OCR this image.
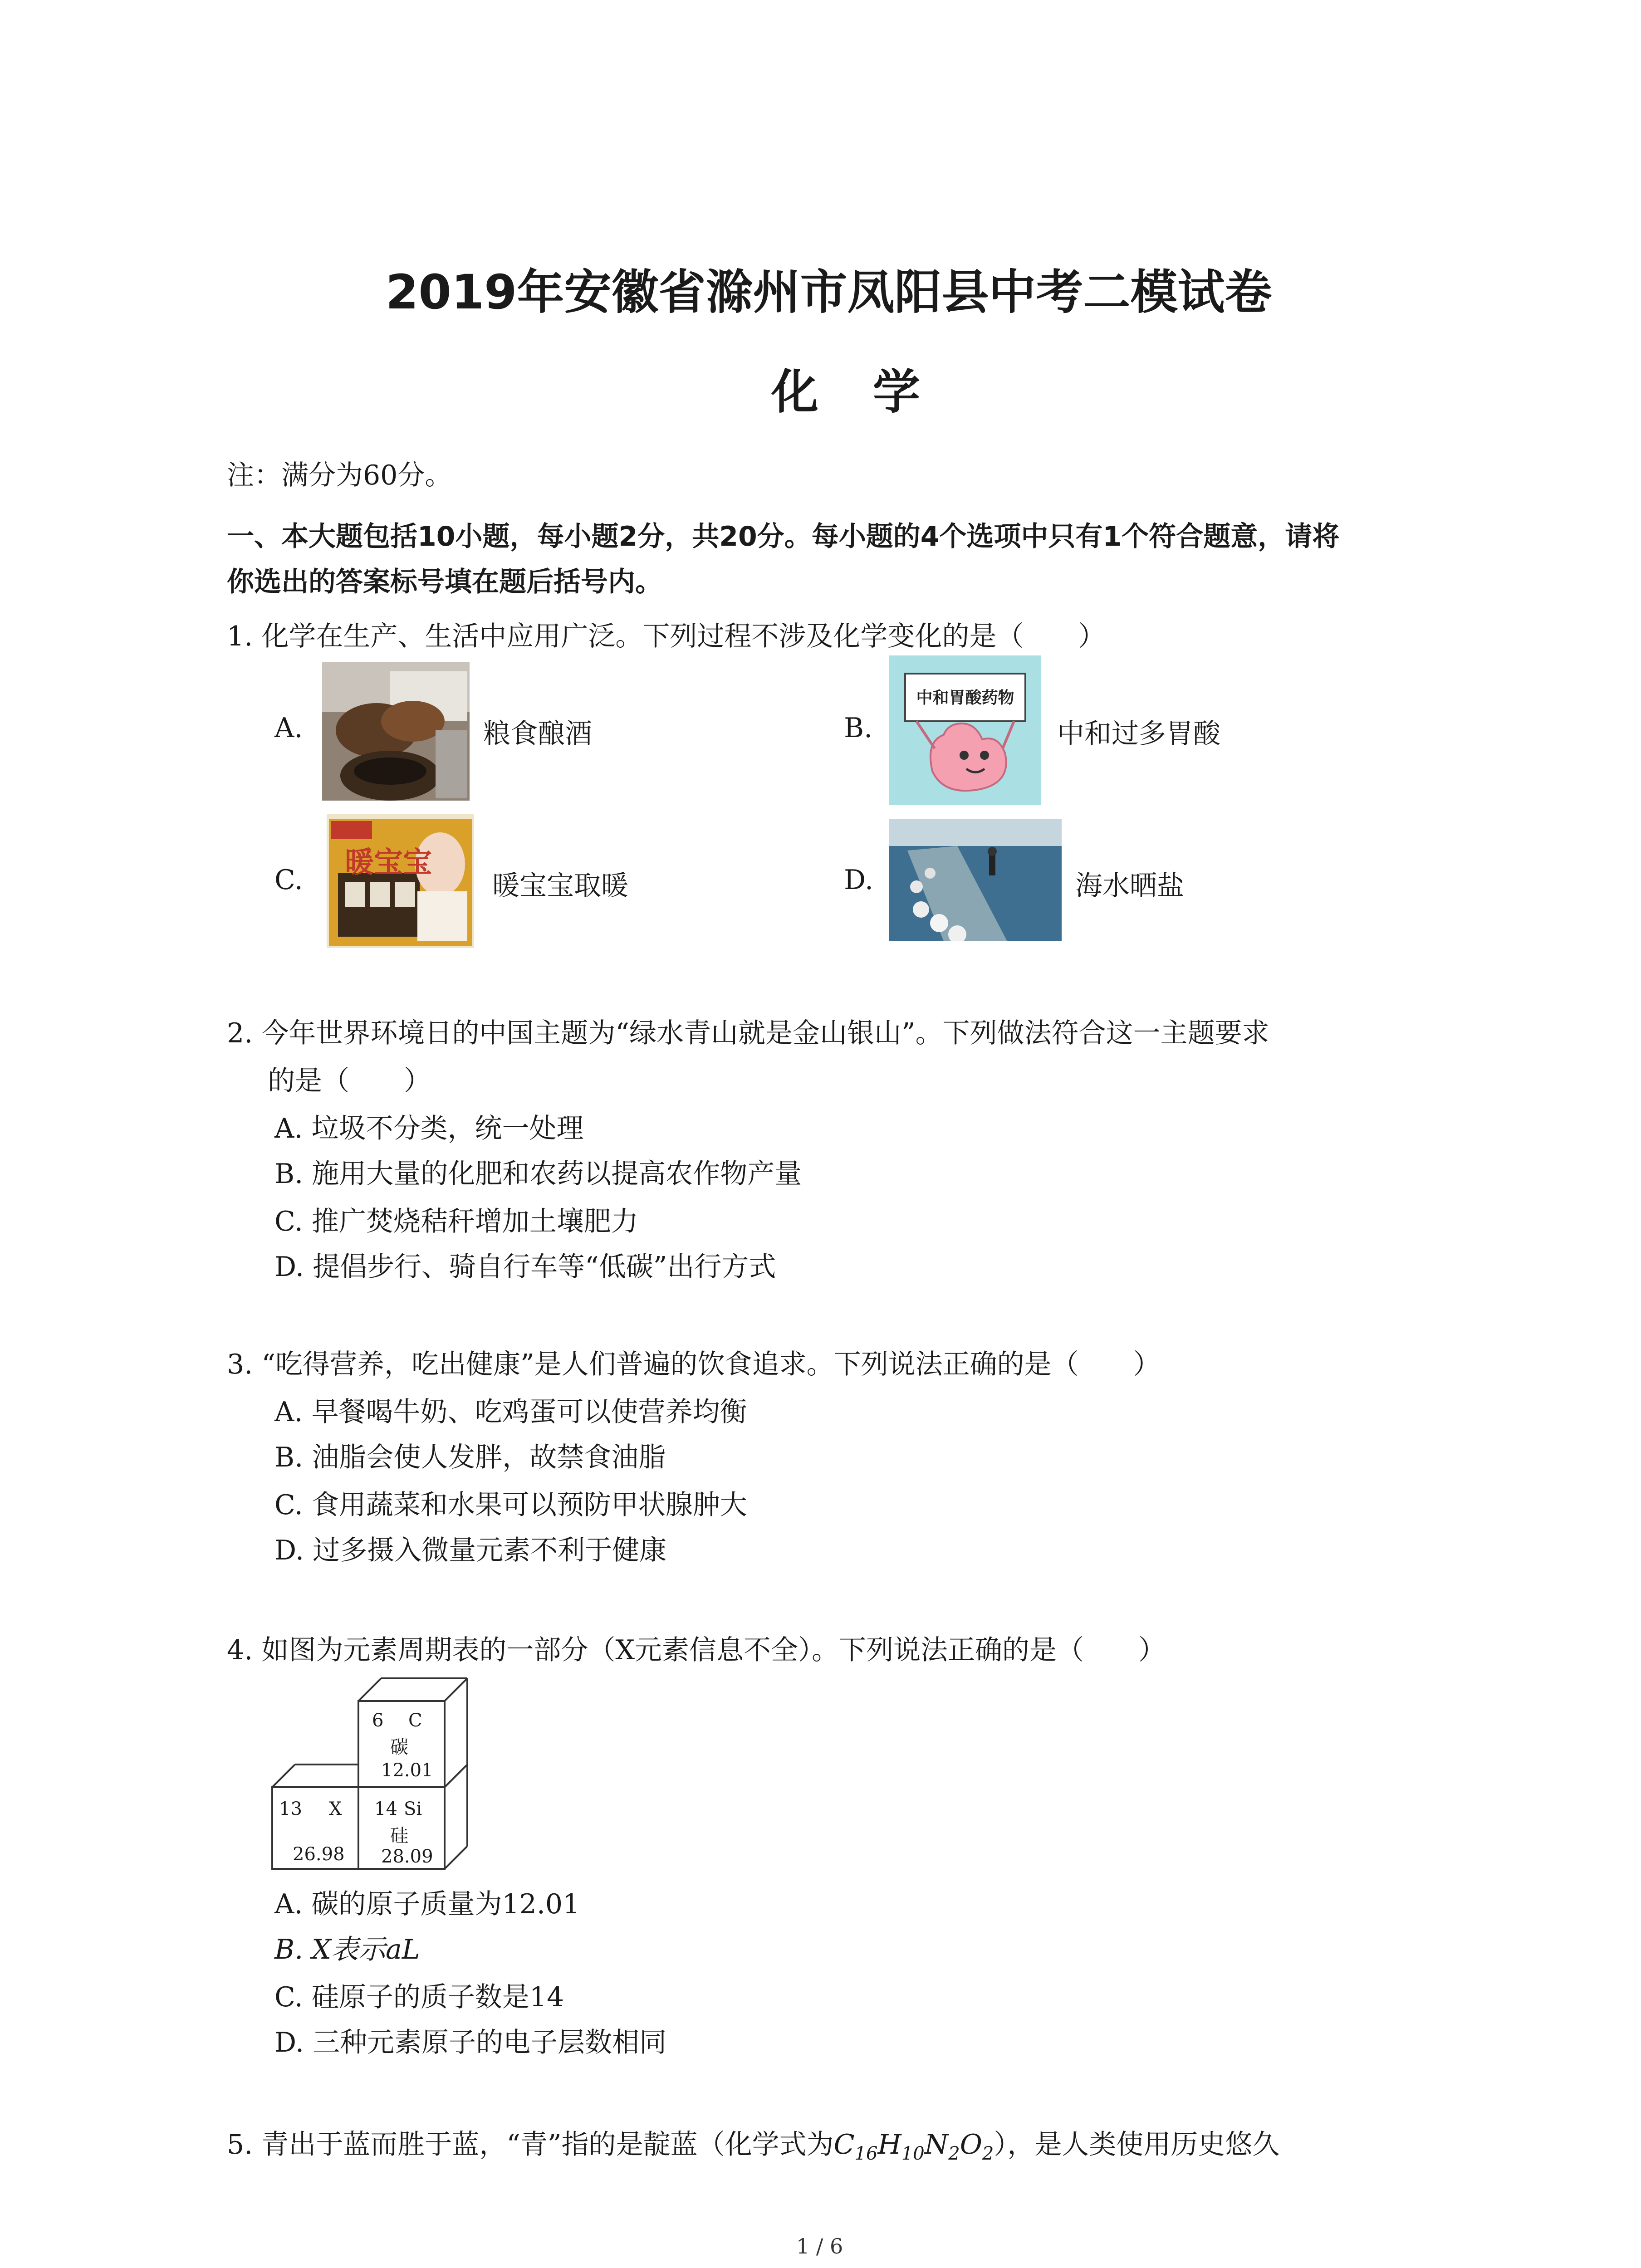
2019年安徽省滁州市凤阳县中考二模试卷
化学
注：满分为60分。
一、本大题包括10小题，每小题2分，共20分。每小题的4个选项中只有1个符合题意，请将
你选出的答案标号填在题后括号内。
1. 化学在生产、生活中应用广泛。下列过程不涉及化学变化的是（　　）
A.	粮食酿酒	B.
中和胃酸药物
中和过多胃酸
C.
暖宝宝
暖宝宝取暖	D.	海水晒盐
2. 今年世界环境日的中国主题为“绿水青山就是金山银山”。下列做法符合这一主题要求
的是（　　）
A. 垃圾不分类，统一处理
B. 施用大量的化肥和农药以提高农作物产量
C. 推广焚烧秸秆增加土壤肥力
D. 提倡步行、骑自行车等“低碳”出行方式
3. “吃得营养，吃出健康”是人们普遍的饮食追求。下列说法正确的是（　　）
A. 早餐喝牛奶、吃鸡蛋可以使营养均衡
B. 油脂会使人发胖，故禁食油脂
C. 食用蔬菜和水果可以预防甲状腺肿大
D. 过多摄入微量元素不利于健康
4. 如图为元素周期表的一部分（X元素信息不全）。下列说法正确的是（　　）
6 C
碳
12.01
13 X
26.98
14 Si
硅
28.09
A. 碳的原子质量为12.01
B. X表示aL
C. 硅原子的质子数是14
D. 三种元素原子的电子层数相同
5. 青出于蓝而胜于蓝，“青”指的是靛蓝（化学式为$C_{16}H_{10}N_2O_2$），是人类使用历史悠久
1 / 6
